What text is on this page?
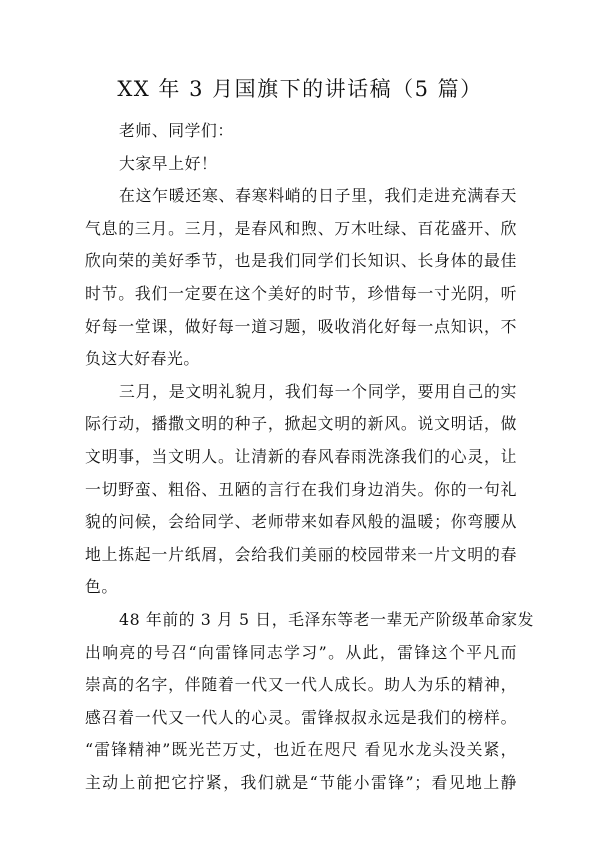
XX 年 3 月国旗下的讲话稿（5 篇）
老师、同学们：
大家早上好！
在这乍暖还寒、春寒料峭的日子里，我们走进充满春天
气息的三月。三月，是春风和煦、万木吐绿、百花盛开、欣
欣向荣的美好季节，也是我们同学们长知识、长身体的最佳
时节。我们一定要在这个美好的时节，珍惜每一寸光阴，听
好每一堂课，做好每一道习题，吸收消化好每一点知识，不
负这大好春光。
三月，是文明礼貌月，我们每一个同学，要用自己的实
际行动，播撒文明的种子，掀起文明的新风。说文明话，做
文明事，当文明人。让清新的春风春雨洗涤我们的心灵，让
一切野蛮、粗俗、丑陋的言行在我们身边消失。你的一句礼
貌的问候，会给同学、老师带来如春风般的温暖；你弯腰从
地上拣起一片纸屑，会给我们美丽的校园带来一片文明的春
色。
48 年前的 3 月 5 日，毛泽东等老一辈无产阶级革命家发
出响亮的号召“向雷锋同志学习”。从此，雷锋这个平凡而
崇高的名字，伴随着一代又一代人成长。助人为乐的精神，
感召着一代又一代人的心灵。雷锋叔叔永远是我们的榜样。
“雷锋精神”既光芒万丈，也近在咫尺 看见水龙头没关紧，
主动上前把它拧紧，我们就是“节能小雷锋”；看见地上静
